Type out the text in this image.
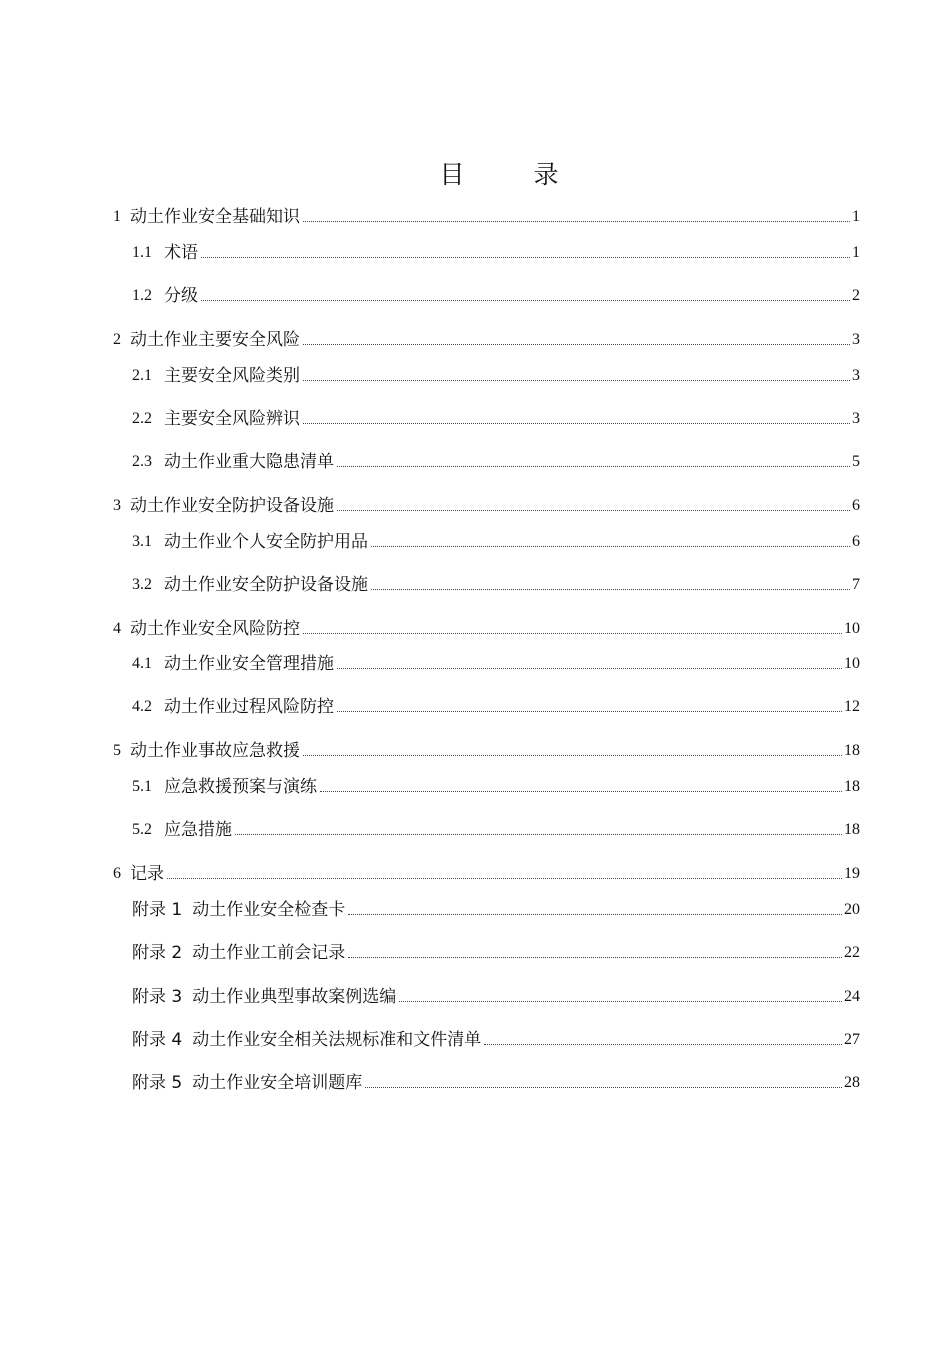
目　录
1 动土作业安全基础知识	1
1.1 术语	1
1.2 分级	2
2 动土作业主要安全风险	3
2.1 主要安全风险类别	3
2.2 主要安全风险辨识	3
2.3 动土作业重大隐患清单	5
3 动土作业安全防护设备设施	6
3.1 动土作业个人安全防护用品	6
3.2 动土作业安全防护设备设施	7
4 动土作业安全风险防控	10
4.1 动土作业安全管理措施	10
4.2 动土作业过程风险防控	12
5 动土作业事故应急救援	18
5.1 应急救援预案与演练	18
5.2 应急措施	18
6 记录	19
附录 1 动土作业安全检查卡	20
附录 2 动土作业工前会记录	22
附录 3 动土作业典型事故案例选编	24
附录 4 动土作业安全相关法规标准和文件清单	27
附录 5 动土作业安全培训题库	28
